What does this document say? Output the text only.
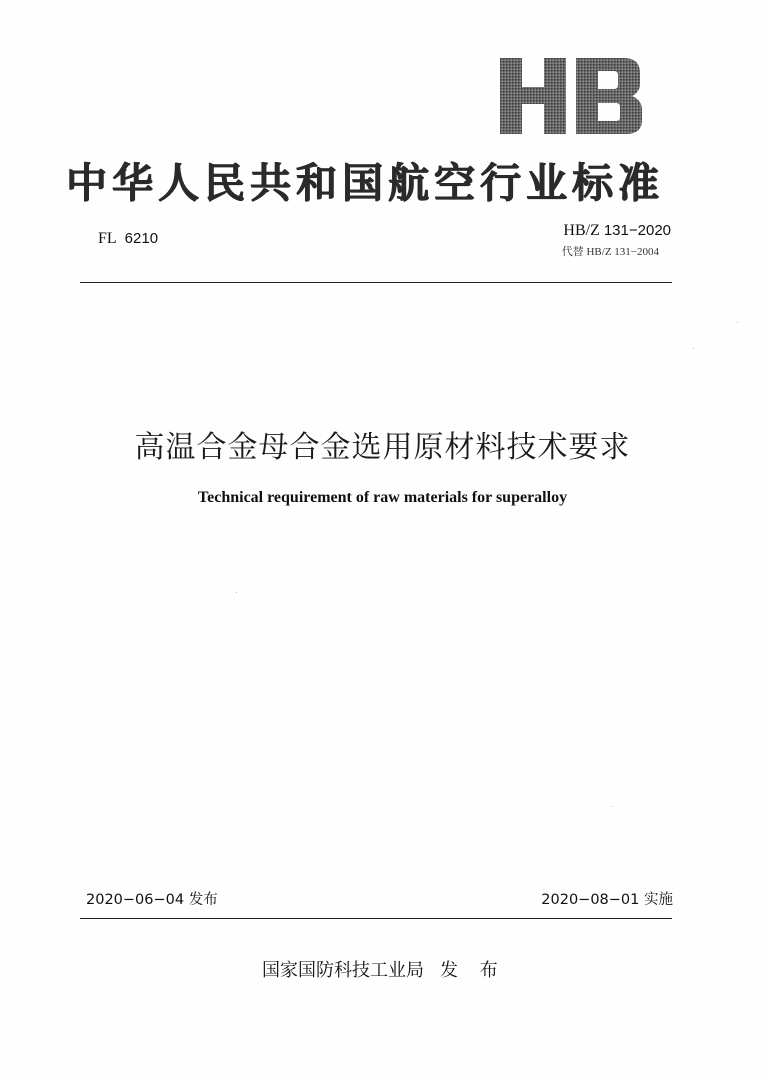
中华人民共和国航空行业标准
FL 6210	HB/Z 131−2020
代替 HB/Z 131−2004
高温合金母合金选用原材料技术要求
Technical requirement of raw materials for superalloy
2020−06−04 发布	2020−08−01 实施
国家国防科技工业局 发 布
